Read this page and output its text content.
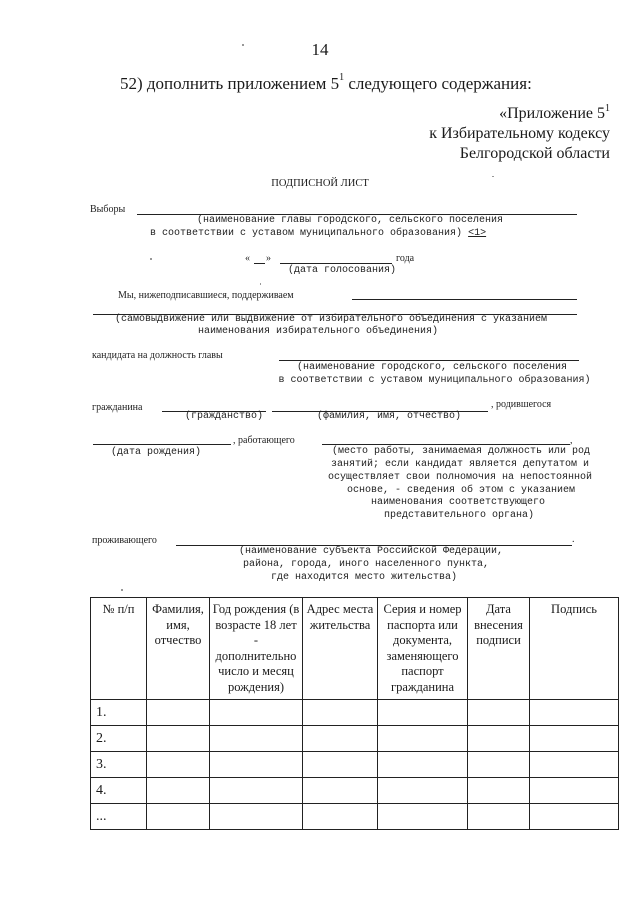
14
52) дополнить приложением $5^1$ следующего содержания:
«Приложение $5^1$
к Избирательному кодексу
Белгородской области
ПОДПИСНОЙ ЛИСТ
Выборы
(наименование главы городского, сельского поселения
в соответствии с уставом муниципального образования) <1>
« »	года
(дата голосования)
Мы, нижеподписавшиеся, поддерживаем
(самовыдвижение или выдвижение от избирательного объединения с указанием
наименования избирательного объединения)
кандидата на должность главы
(наименование городского, сельского поселения
в соответствии с уставом муниципального образования)
гражданина	, родившегося
(гражданство)	(фамилия, имя, отчество)
, работающего	,
(дата рождения)	(место работы, занимаемая должность или род
занятий; если кандидат является депутатом и
осуществляет свои полномочия на непостоянной
основе, - сведения об этом с указанием
наименования соответствующего
представительного органа)
проживающего	.
(наименование субъекта Российской Федерации,
района, города, иного населенного пункта,
где находится место жительства)
№ п/п	Фамилия, имя, отчество	Год рождения (в возрасте 18 лет - дополнительно число и месяц рождения)	Адрес места жительства	Серия и номер паспорта или документа, заменяющего паспорт гражданина	Дата внесения подписи	Подпись
1.						
2.						
3.						
4.						
...						
